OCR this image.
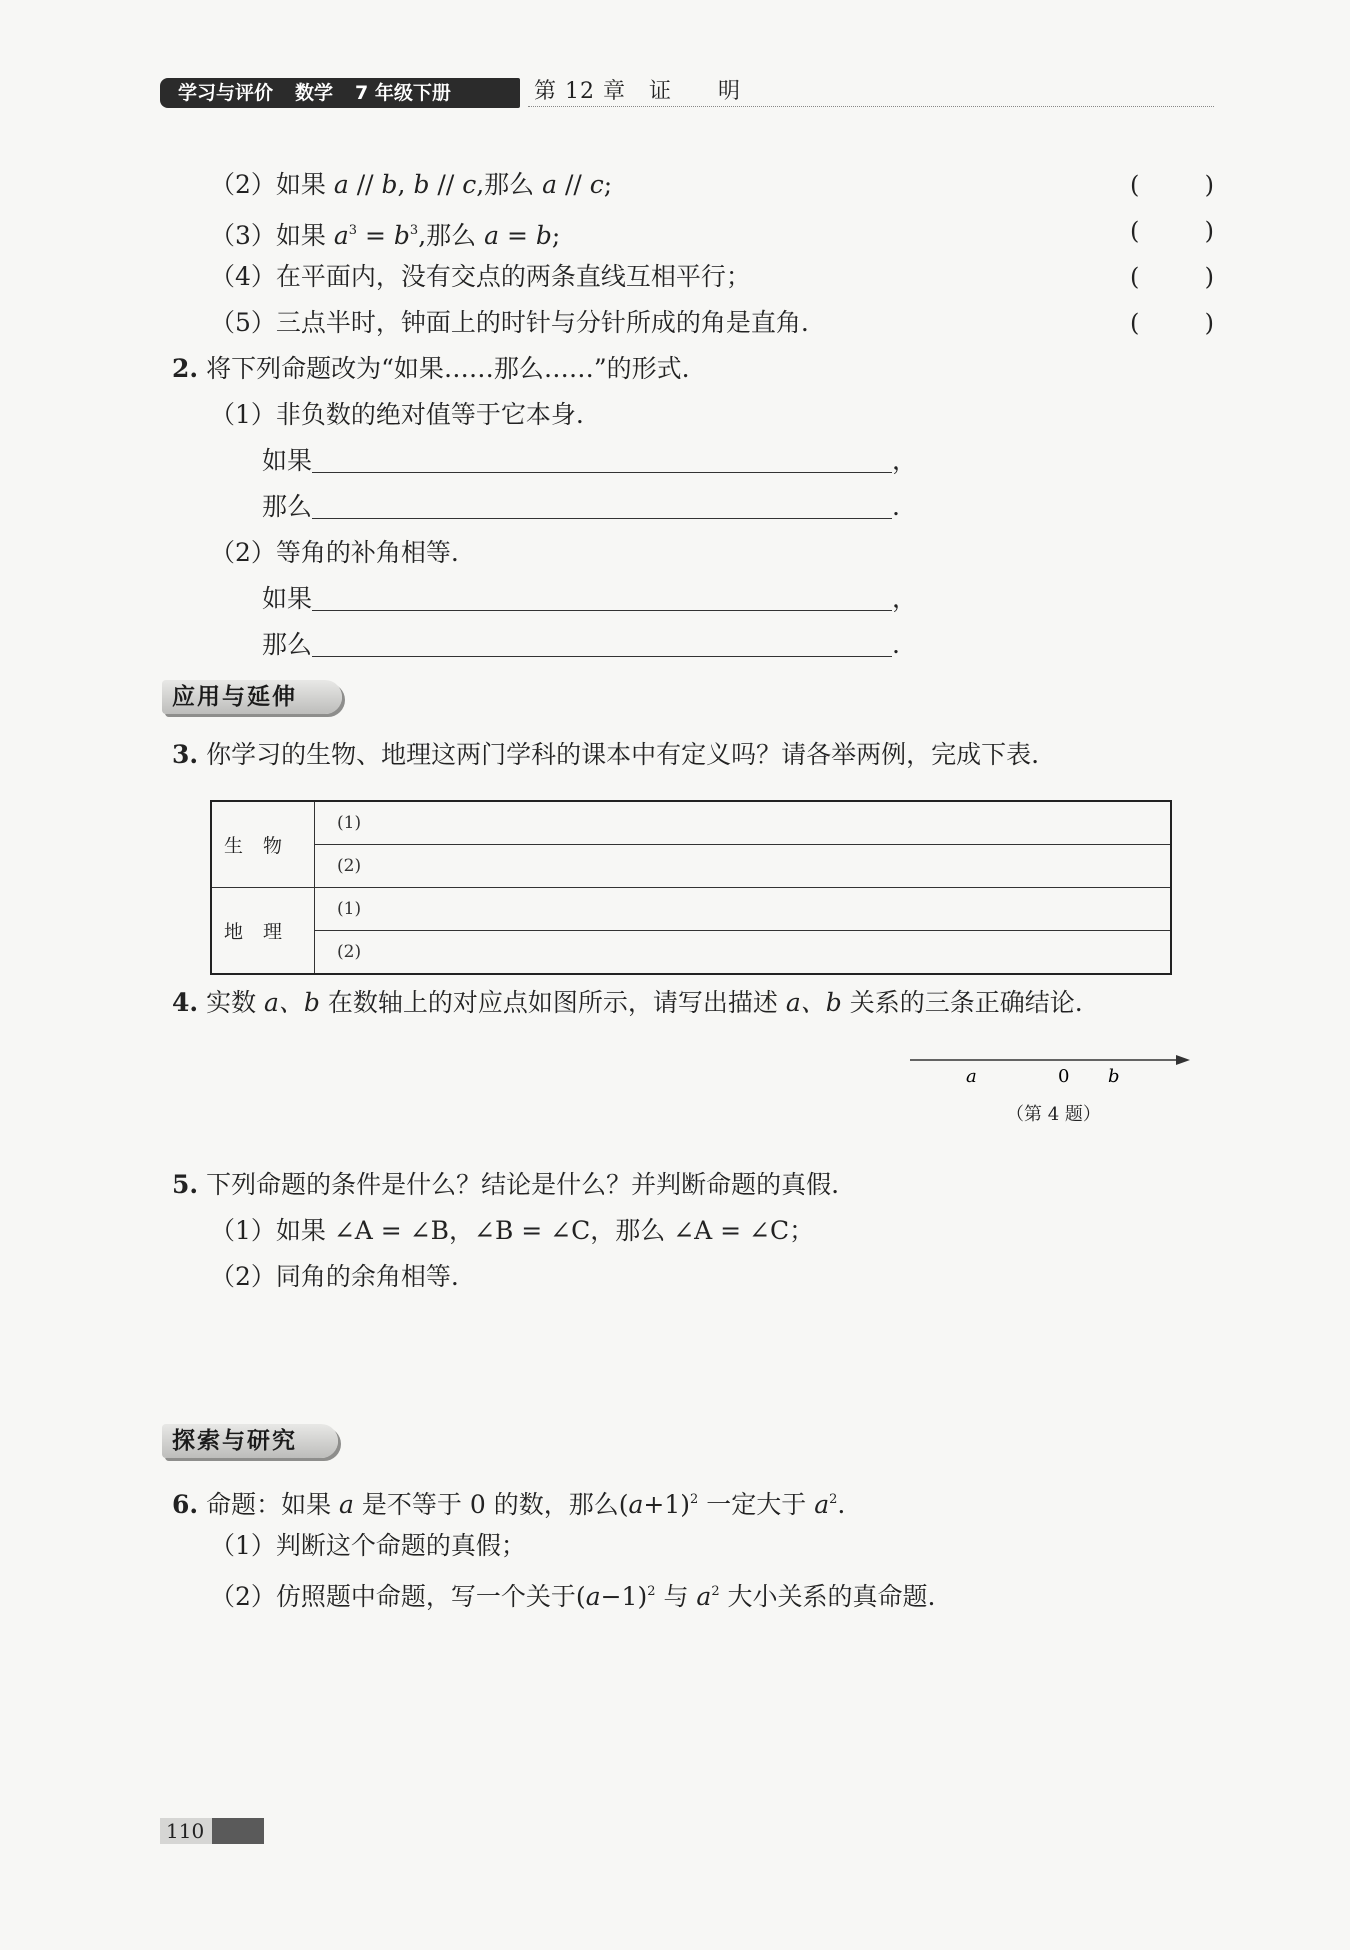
学习与评价 数学 7 年级下册	第 12 章　证　　明
（2）如果 a // b, b // c,那么 a // c;	(	)
（3）如果 $a^3 = b^3$,那么 a = b;	(	)
（4）在平面内，没有交点的两条直线互相平行；	(	)
（5）三点半时，钟面上的时针与分针所成的角是直角.	(	)
2. 将下列命题改为“如果……那么……”的形式.
（1）非负数的绝对值等于它本身.
如果	，
那么	.
（2）等角的补角相等.
如果	，
那么	.
应用与延伸
3. 你学习的生物、地理这两门学科的课本中有定义吗？请各举两例，完成下表.
生物	(1)
	(2)
地理	(1)
	(2)
4. 实数 a、b 在数轴上的对应点如图所示，请写出描述 a、b 关系的三条正确结论.
a	0 b
（第 4 题）
5. 下列命题的条件是什么？结论是什么？并判断命题的真假.
（1）如果 ∠A = ∠B，∠B = ∠C，那么 ∠A = ∠C；
（2）同角的余角相等.
探索与研究
6. 命题：如果 a 是不等于 0 的数，那么$(a+1)^2$ 一定大于 $a^2$.
（1）判断这个命题的真假；
（2）仿照题中命题，写一个关于$(a-1)^2$ 与 $a^2$ 大小关系的真命题.
110
